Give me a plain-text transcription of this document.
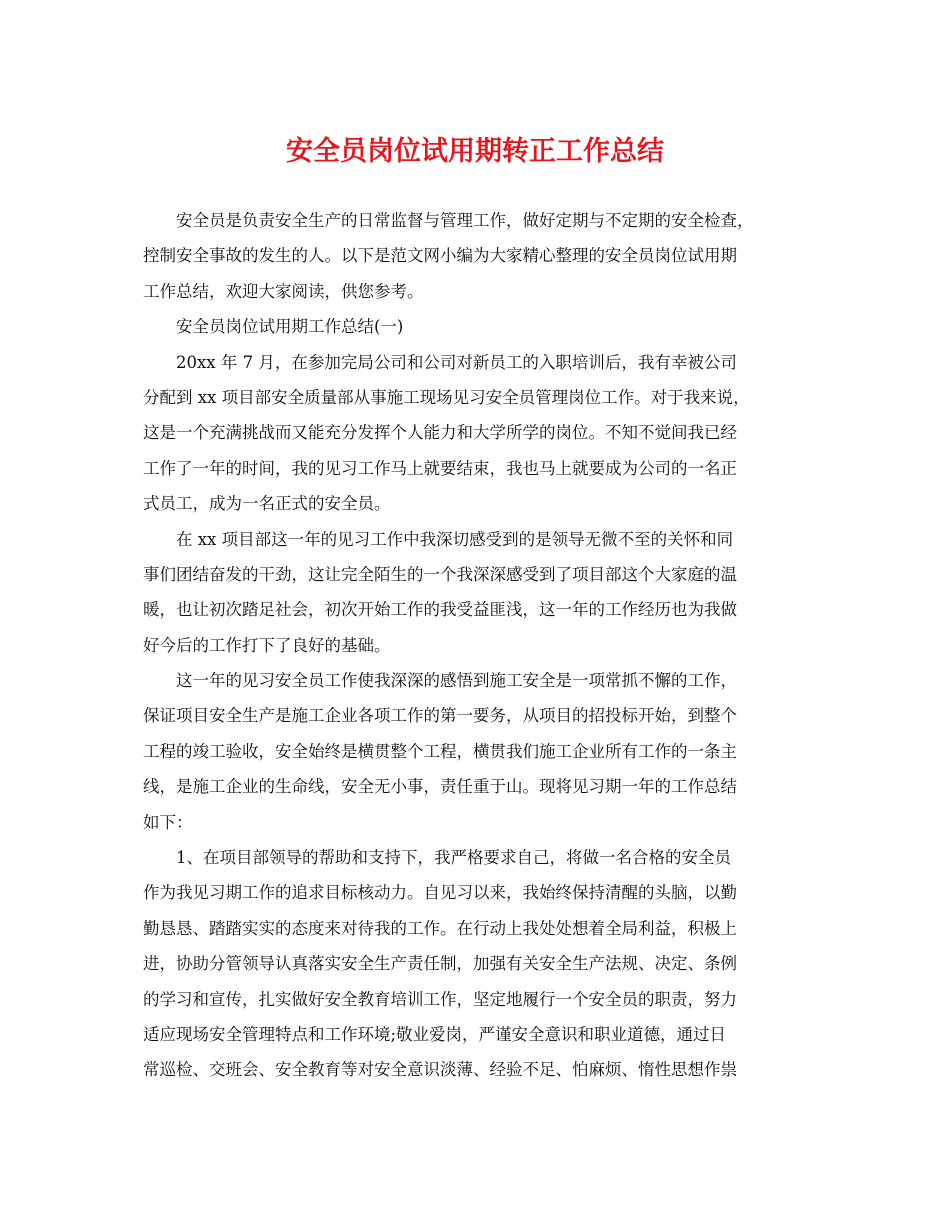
安全员岗位试用期转正工作总结
安全员是负责安全生产的日常监督与管理工作，做好定期与不定期的安全检查，
控制安全事故的发生的人。以下是范文网小编为大家精心整理的安全员岗位试用期
工作总结，欢迎大家阅读，供您参考。
安全员岗位试用期工作总结(一)
20xx 年 7 月，在参加完局公司和公司对新员工的入职培训后，我有幸被公司
分配到 xx 项目部安全质量部从事施工现场见习安全员管理岗位工作。对于我来说，
这是一个充满挑战而又能充分发挥个人能力和大学所学的岗位。不知不觉间我已经
工作了一年的时间，我的见习工作马上就要结束，我也马上就要成为公司的一名正
式员工，成为一名正式的安全员。
在 xx 项目部这一年的见习工作中我深切感受到的是领导无微不至的关怀和同
事们团结奋发的干劲，这让完全陌生的一个我深深感受到了项目部这个大家庭的温
暖，也让初次踏足社会，初次开始工作的我受益匪浅，这一年的工作经历也为我做
好今后的工作打下了良好的基础。
这一年的见习安全员工作使我深深的感悟到施工安全是一项常抓不懈的工作，
保证项目安全生产是施工企业各项工作的第一要务，从项目的招投标开始，到整个
工程的竣工验收，安全始终是横贯整个工程，横贯我们施工企业所有工作的一条主
线，是施工企业的生命线，安全无小事，责任重于山。现将见习期一年的工作总结
如下：
1、在项目部领导的帮助和支持下，我严格要求自己，将做一名合格的安全员
作为我见习期工作的追求目标核动力。自见习以来，我始终保持清醒的头脑，以勤
勤恳恳、踏踏实实的态度来对待我的工作。在行动上我处处想着全局利益，积极上
进，协助分管领导认真落实安全生产责任制，加强有关安全生产法规、决定、条例
的学习和宣传，扎实做好安全教育培训工作，坚定地履行一个安全员的职责，努力
适应现场安全管理特点和工作环境;敬业爱岗，严谨安全意识和职业道德，通过日
常巡检、交班会、安全教育等对安全意识淡薄、经验不足、怕麻烦、惰性思想作祟
